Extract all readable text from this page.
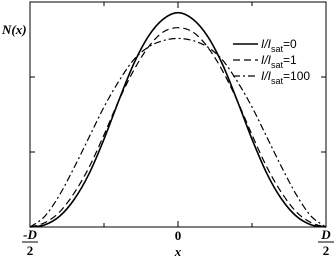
$I/I_{sat}=0$
$I/I_{sat}=1$
$I/I_{sat}=100$
-D
2
0	D
2
N(x)
x
